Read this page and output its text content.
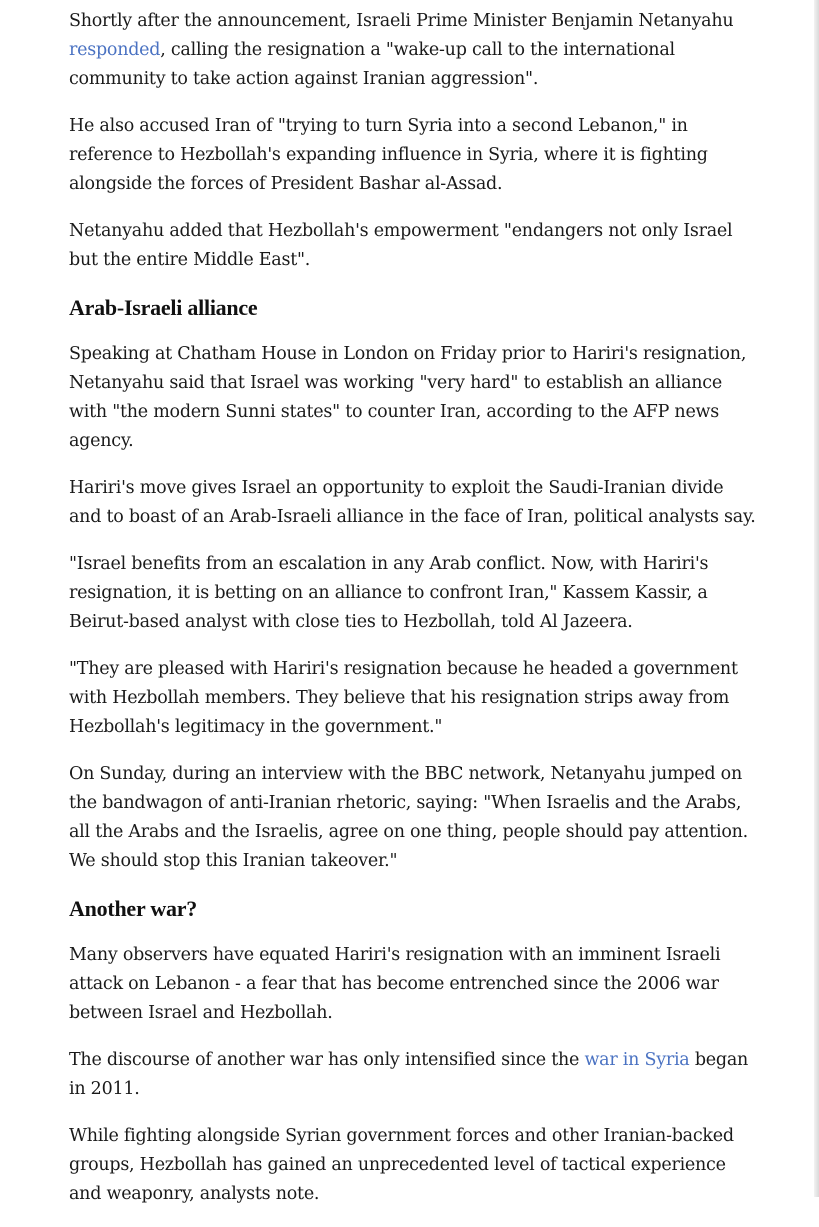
Shortly after the announcement, Israeli Prime Minister Benjamin Netanyahu responded, calling the resignation a "wake-up call to the international community to take action against Iranian aggression".

He also accused Iran of "trying to turn Syria into a second Lebanon," in reference to Hezbollah's expanding influence in Syria, where it is fighting alongside the forces of President Bashar al-Assad.

Netanyahu added that Hezbollah's empowerment "endangers not only Israel but the entire Middle East".

Arab-Israeli alliance

Speaking at Chatham House in London on Friday prior to Hariri's resignation, Netanyahu said that Israel was working "very hard" to establish an alliance with "the modern Sunni states" to counter Iran, according to the AFP news agency.

Hariri's move gives Israel an opportunity to exploit the Saudi-Iranian divide and to boast of an Arab-Israeli alliance in the face of Iran, political analysts say.

"Israel benefits from an escalation in any Arab conflict. Now, with Hariri's resignation, it is betting on an alliance to confront Iran," Kassem Kassir, a Beirut-based analyst with close ties to Hezbollah, told Al Jazeera.

"They are pleased with Hariri's resignation because he headed a government with Hezbollah members. They believe that his resignation strips away from Hezbollah's legitimacy in the government."

On Sunday, during an interview with the BBC network, Netanyahu jumped on the bandwagon of anti-Iranian rhetoric, saying: "When Israelis and the Arabs, all the Arabs and the Israelis, agree on one thing, people should pay attention. We should stop this Iranian takeover."

Another war?

Many observers have equated Hariri's resignation with an imminent Israeli attack on Lebanon - a fear that has become entrenched since the 2006 war between Israel and Hezbollah.

The discourse of another war has only intensified since the war in Syria began in 2011.

While fighting alongside Syrian government forces and other Iranian-backed groups, Hezbollah has gained an unprecedented level of tactical experience and weaponry, analysts note.
